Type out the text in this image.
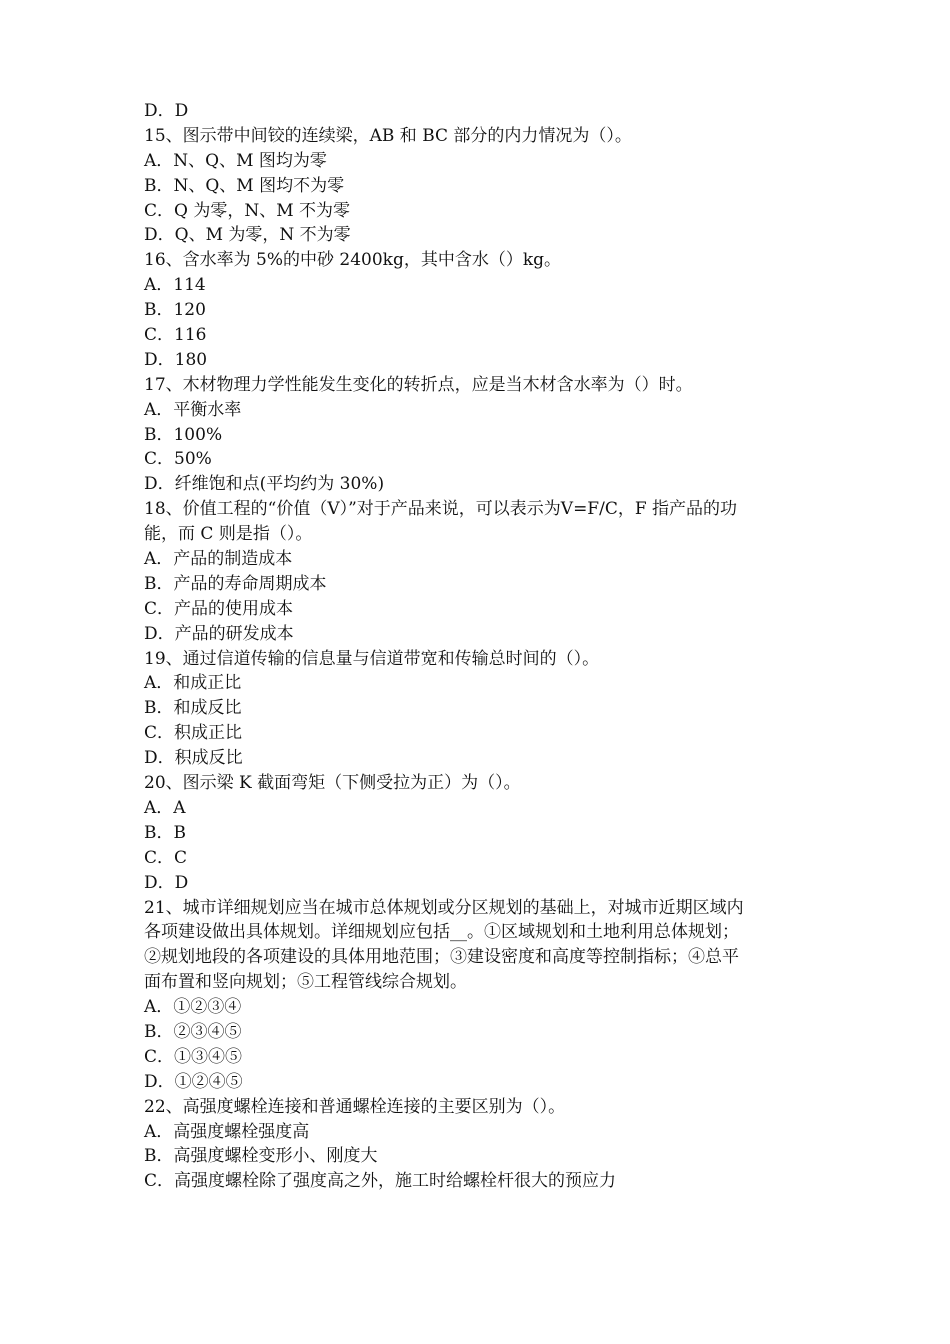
D．D
15、图示带中间铰的连续梁，AB 和 BC 部分的内力情况为（）。
A．N、Q、M 图均为零
B．N、Q、M 图均不为零
C．Q 为零，N、M 不为零
D．Q、M 为零，N 不为零
16、含水率为 5%的中砂 2400kg，其中含水（）kg。
A．114
B．120
C．116
D．180
17、木材物理力学性能发生变化的转折点，应是当木材含水率为（）时。
A．平衡水率
B．100%
C．50%
D．纤维饱和点(平均约为 30%)
18、价值工程的“价值（V）”对于产品来说，可以表示为V=F/C，F 指产品的功
能，而 C 则是指（）。
A．产品的制造成本
B．产品的寿命周期成本
C．产品的使用成本
D．产品的研发成本
19、通过信道传输的信息量与信道带宽和传输总时间的（）。
A．和成正比
B．和成反比
C．积成正比
D．积成反比
20、图示梁 K 截面弯矩（下侧受拉为正）为（）。
A．A
B．B
C．C
D．D
21、城市详细规划应当在城市总体规划或分区规划的基础上，对城市近期区域内
各项建设做出具体规划。详细规划应包括__。①区域规划和土地利用总体规划；
②规划地段的各项建设的具体用地范围；③建设密度和高度等控制指标；④总平
面布置和竖向规划；⑤工程管线综合规划。
A．①②③④
B．②③④⑤
C．①③④⑤
D．①②④⑤
22、高强度螺栓连接和普通螺栓连接的主要区别为（）。
A．高强度螺栓强度高
B．高强度螺栓变形小、刚度大
C．高强度螺栓除了强度高之外，施工时给螺栓杆很大的预应力
